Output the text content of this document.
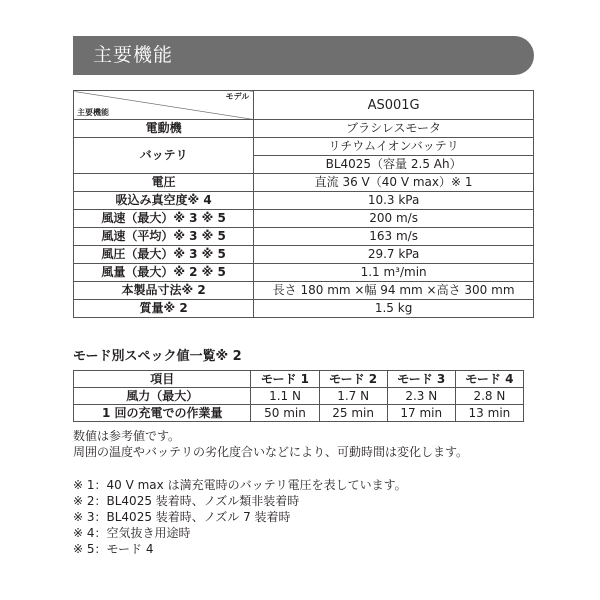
主要機能
モデル
主要機能	AS001G
電動機	ブラシレスモータ
バッテリ	リチウムイオンバッテリ
	BL4025（容量 2.5 Ah）
電圧	直流 36 V（40 V max）※ 1
吸込み真空度※ 4	10.3 kPa
風速（最大）※ 3 ※ 5	200 m/s
風速（平均）※ 3 ※ 5	163 m/s
風圧（最大）※ 3 ※ 5	29.7 kPa
風量（最大）※ 2 ※ 5	1.1 m³/min
本製品寸法※ 2	長さ 180 mm ×幅 94 mm ×高さ 300 mm
質量※ 2	1.5 kg
モード別スペック値一覧※ 2
項目	モード 1	モード 2	モード 3	モード 4
風力（最大）	1.1 N	1.7 N	2.3 N	2.8 N
1 回の充電での作業量	50 min	25 min	17 min	13 min
数値は参考値です。
周囲の温度やバッテリの劣化度合いなどにより、可動時間は変化します。
※ 1：40 V max は満充電時のバッテリ電圧を表しています。
※ 2：BL4025 装着時、ノズル類非装着時
※ 3：BL4025 装着時、ノズル 7 装着時
※ 4：空気抜き用途時
※ 5：モード 4
